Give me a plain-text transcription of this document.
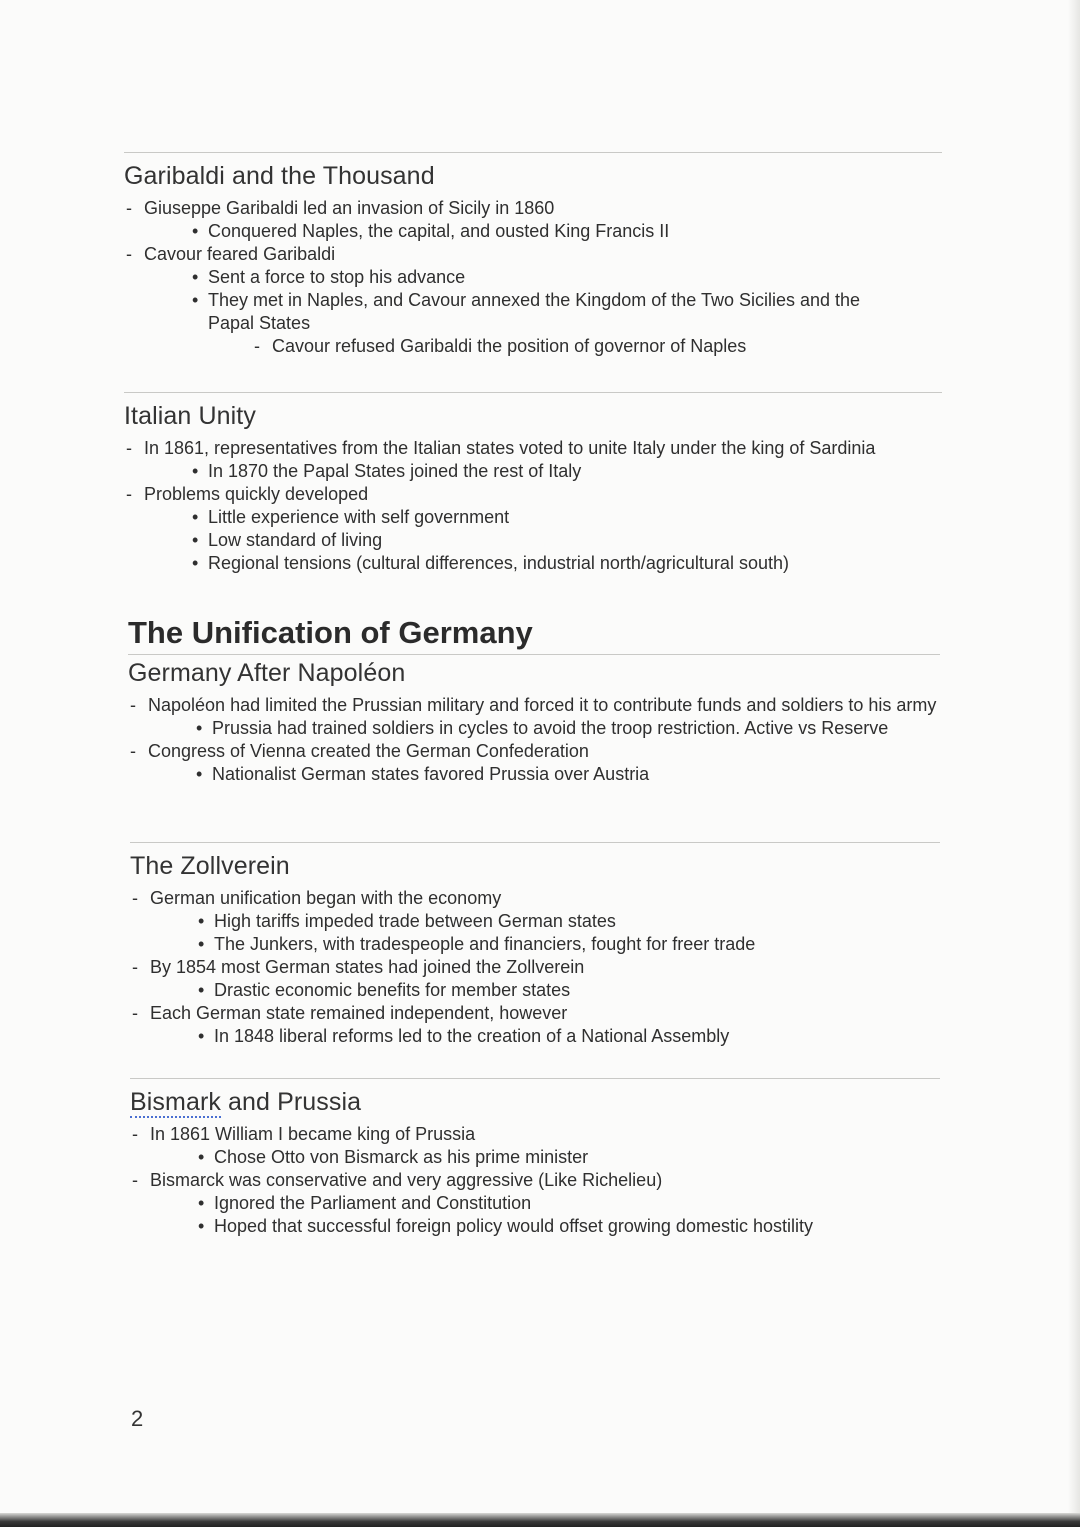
Garibaldi and the Thousand
- Giuseppe Garibaldi led an invasion of Sicily in 1860
• Conquered Naples, the capital, and ousted King Francis II
- Cavour feared Garibaldi
• Sent a force to stop his advance
• They met in Naples, and Cavour annexed the Kingdom of the Two Sicilies and the Papal States
- Cavour refused Garibaldi the position of governor of Naples
Italian Unity
- In 1861, representatives from the Italian states voted to unite Italy under the king of Sardinia
• In 1870 the Papal States joined the rest of Italy
- Problems quickly developed
• Little experience with self government
• Low standard of living
• Regional tensions (cultural differences, industrial north/agricultural south)
The Unification of Germany
Germany After Napoléon
- Napoléon had limited the Prussian military and forced it to contribute funds and soldiers to his army
• Prussia had trained soldiers in cycles to avoid the troop restriction. Active vs Reserve
- Congress of Vienna created the German Confederation
• Nationalist German states favored Prussia over Austria
The Zollverein
- German unification began with the economy
• High tariffs impeded trade between German states
• The Junkers, with tradespeople and financiers, fought for freer trade
- By 1854 most German states had joined the Zollverein
• Drastic economic benefits for member states
- Each German state remained independent, however
• In 1848 liberal reforms led to the creation of a National Assembly
Bismark and Prussia
- In 1861 William I became king of Prussia
• Chose Otto von Bismarck as his prime minister
- Bismarck was conservative and very aggressive (Like Richelieu)
• Ignored the Parliament and Constitution
• Hoped that successful foreign policy would offset growing domestic hostility
2
